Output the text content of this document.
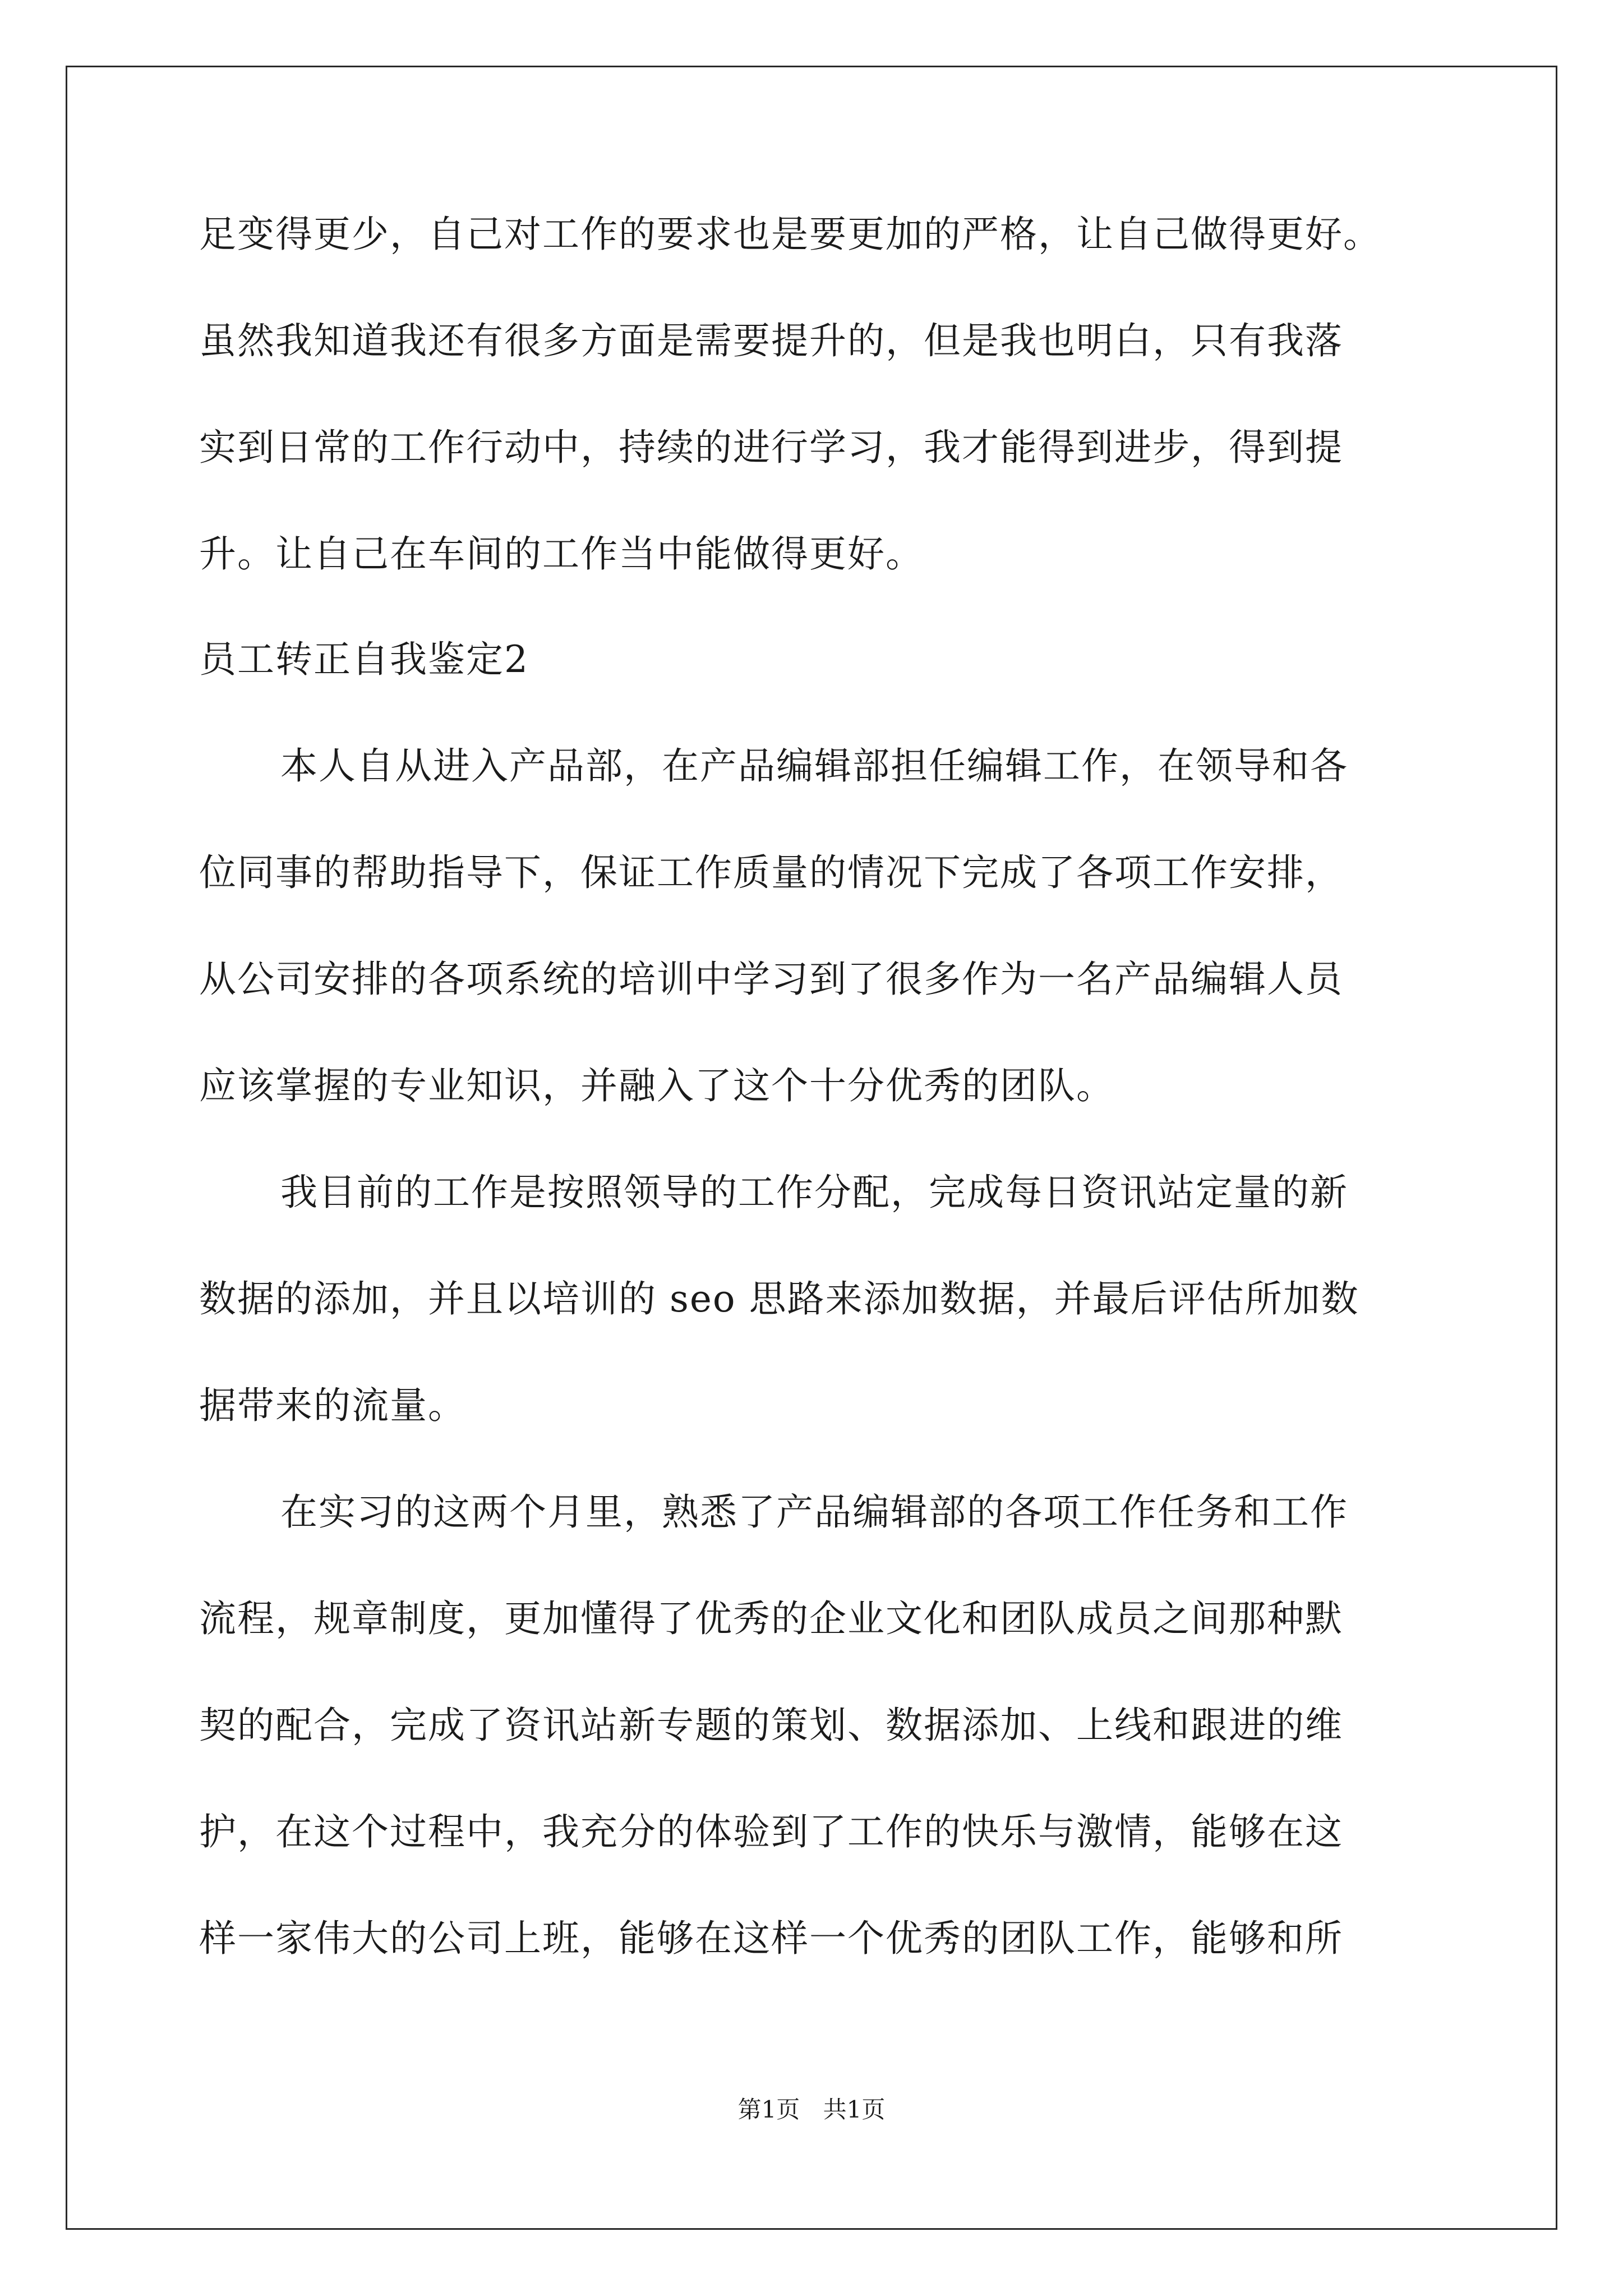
足变得更少，自己对工作的要求也是要更加的严格，让自己做得更好。
虽然我知道我还有很多方面是需要提升的，但是我也明白，只有我落
实到日常的工作行动中，持续的进行学习，我才能得到进步，得到提
升。让自己在车间的工作当中能做得更好。
员工转正自我鉴定2
本人自从进入产品部，在产品编辑部担任编辑工作，在领导和各
位同事的帮助指导下，保证工作质量的情况下完成了各项工作安排，
从公司安排的各项系统的培训中学习到了很多作为一名产品编辑人员
应该掌握的专业知识，并融入了这个十分优秀的团队。
我目前的工作是按照领导的工作分配，完成每日资讯站定量的新
数据的添加，并且以培训的 seo 思路来添加数据，并最后评估所加数
据带来的流量。
在实习的这两个月里，熟悉了产品编辑部的各项工作任务和工作
流程，规章制度，更加懂得了优秀的企业文化和团队成员之间那种默
契的配合，完成了资讯站新专题的策划、数据添加、上线和跟进的维
护，在这个过程中，我充分的体验到了工作的快乐与激情，能够在这
样一家伟大的公司上班，能够在这样一个优秀的团队工作，能够和所
第1页 共1页
